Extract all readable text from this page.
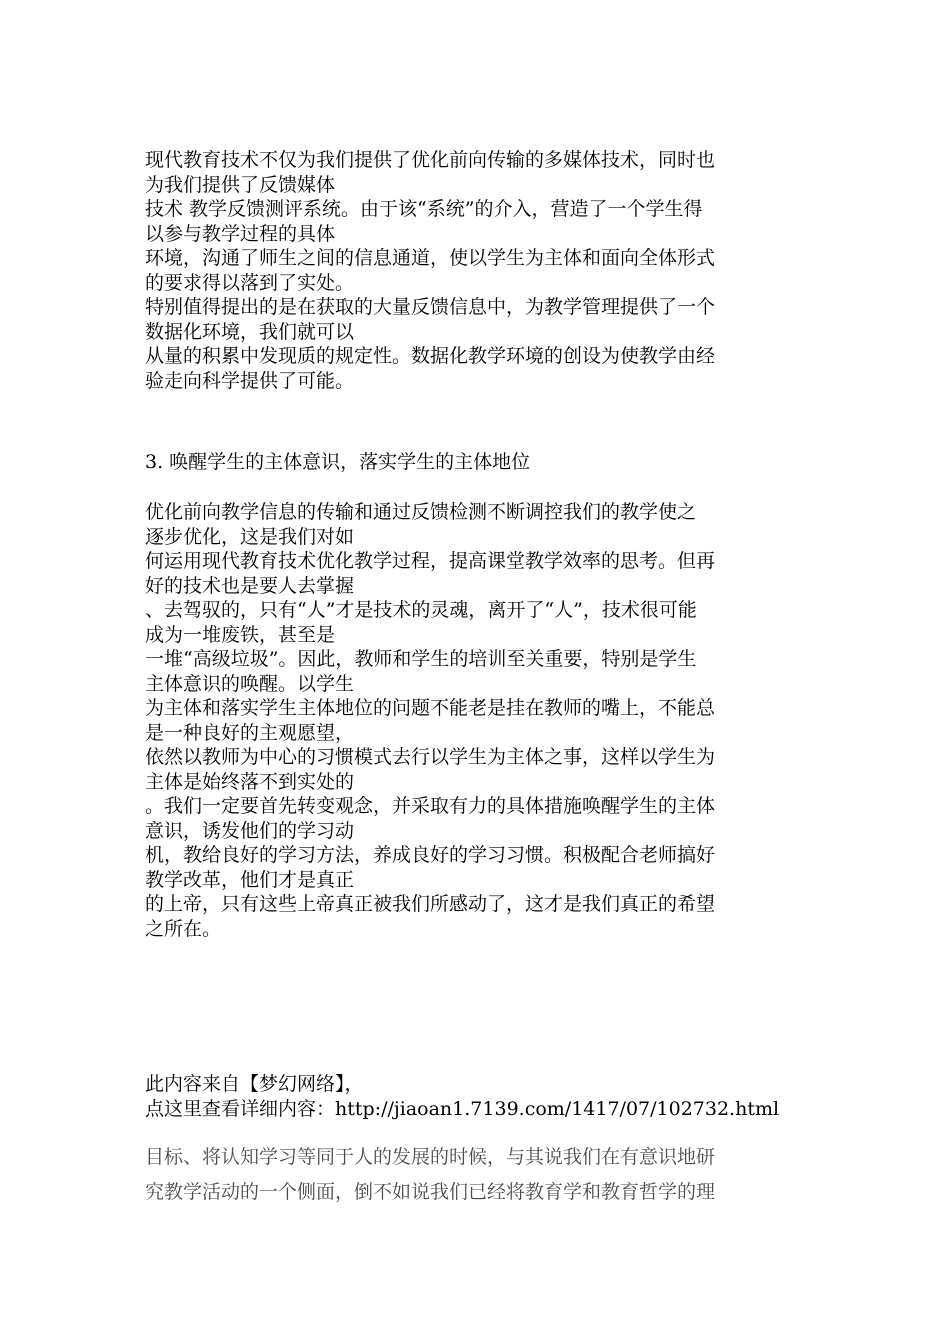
现代教育技术不仅为我们提供了优化前向传输的多媒体技术，同时也
为我们提供了反馈媒体
技术 教学反馈测评系统。由于该“系统”的介入，营造了一个学生得
以参与教学过程的具体
环境，沟通了师生之间的信息通道，使以学生为主体和面向全体形式
的要求得以落到了实处。
特别值得提出的是在获取的大量反馈信息中，为教学管理提供了一个
数据化环境，我们就可以
从量的积累中发现质的规定性。数据化教学环境的创设为使教学由经
验走向科学提供了可能。
3. 唤醒学生的主体意识，落实学生的主体地位
优化前向教学信息的传输和通过反馈检测不断调控我们的教学使之
逐步优化，这是我们对如
何运用现代教育技术优化教学过程，提高课堂教学效率的思考。但再
好的技术也是要人去掌握
、去驾驭的，只有“人”才是技术的灵魂，离开了“人”，技术很可能
成为一堆废铁，甚至是
一堆“高级垃圾”。因此，教师和学生的培训至关重要，特别是学生
主体意识的唤醒。以学生
为主体和落实学生主体地位的问题不能老是挂在教师的嘴上，不能总
是一种良好的主观愿望，
依然以教师为中心的习惯模式去行以学生为主体之事，这样以学生为
主体是始终落不到实处的
。我们一定要首先转变观念，并采取有力的具体措施唤醒学生的主体
意识，诱发他们的学习动
机，教给良好的学习方法，养成良好的学习习惯。积极配合老师搞好
教学改革，他们才是真正
的上帝，只有这些上帝真正被我们所感动了，这才是我们真正的希望
之所在。
此内容来自【梦幻网络】，
点这里查看详细内容：http://jiaoan1.7139.com/1417/07/102732.html
目标、将认知学习等同于人的发展的时候，与其说我们在有意识地研
究教学活动的一个侧面，倒不如说我们已经将教育学和教育哲学的理
